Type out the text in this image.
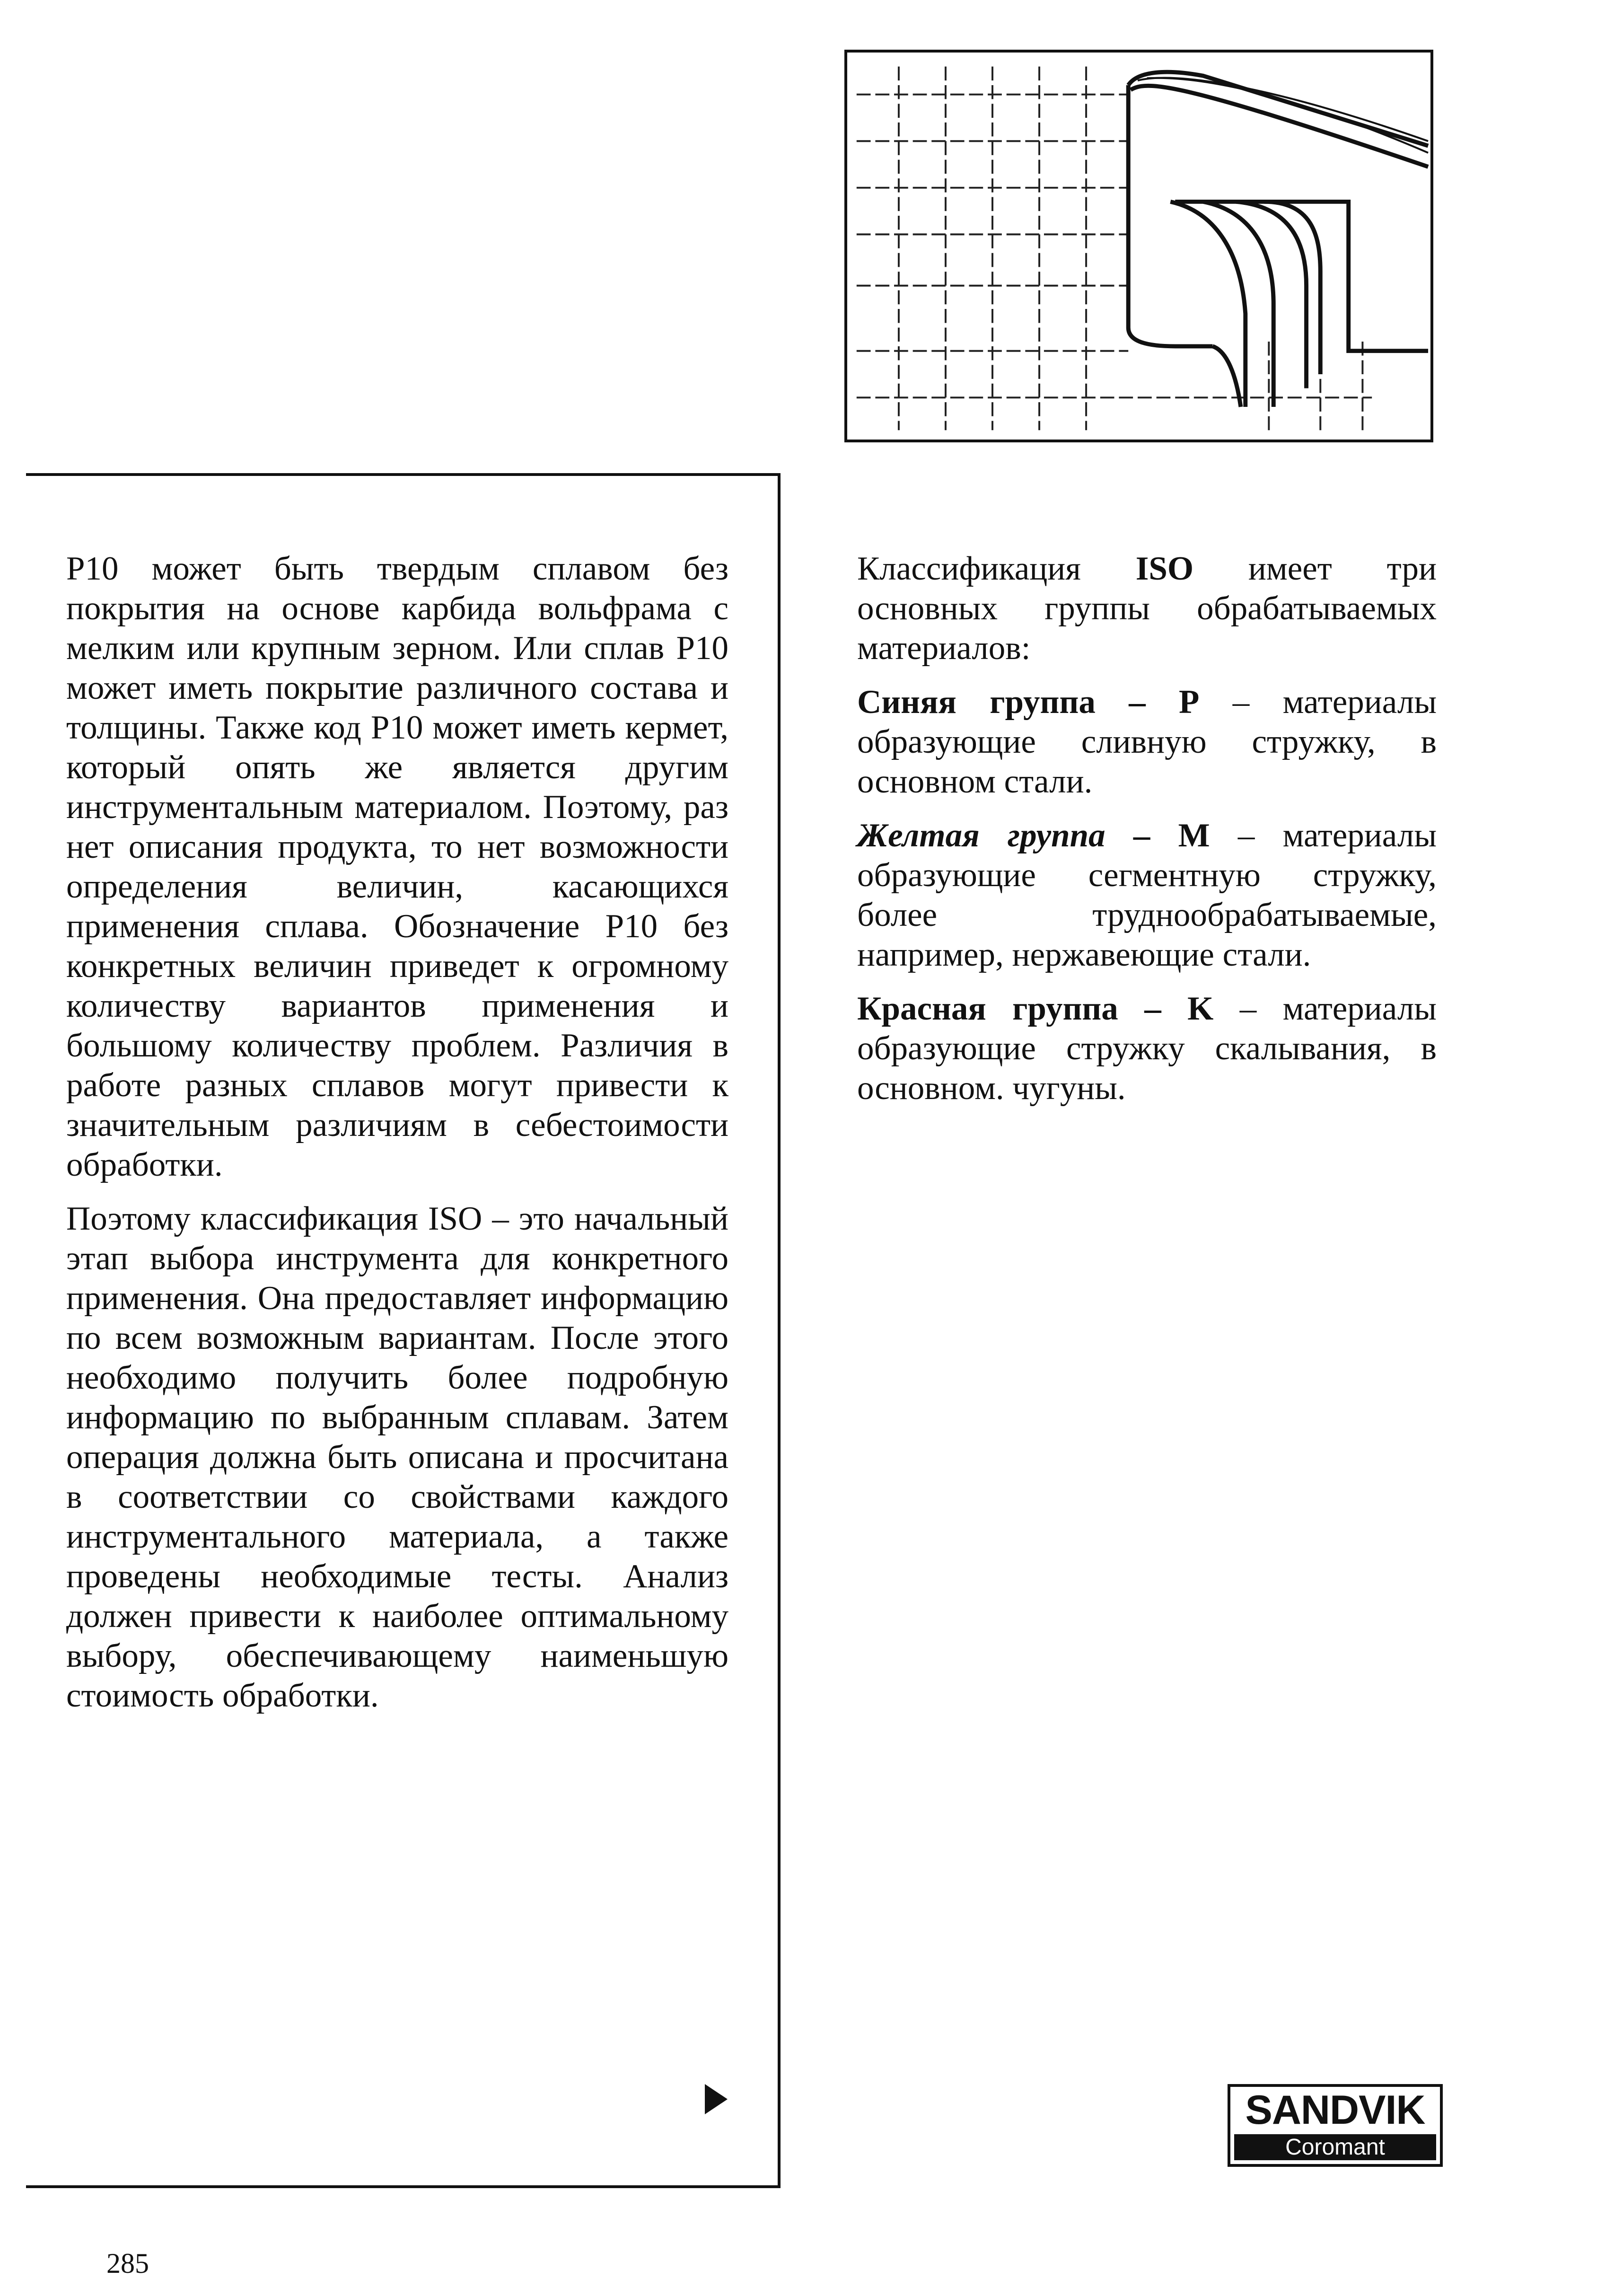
P10 может быть твердым сплавом без покрытия на основе карбида вольфрама с мелким или крупным зерном. Или сплав P10 может иметь покрытие различного состава и толщины. Также код P10 может иметь кермет, который опять же является другим инструментальным материалом. Поэтому, раз нет описания продукта, то нет возможности определения величин, касающихся применения сплава. Обозначение P10 без конкретных величин приведет к огромному количеству вариантов применения и большому количеству проблем. Различия в работе разных сплавов могут привести к значительным различиям в себестоимости обработки.

Поэтому классификация ISO – это начальный этап выбора инструмента для конкретного применения. Она предоставляет информацию по всем возможным вариантам. После этого необходимо получить более подробную информацию по выбранным сплавам. Затем операция должна быть описана и просчитана в соответствии со свойствами каждого инструментального материала, а также проведены необходимые тесты. Анализ должен привести к наиболее оптимальному выбору, обеспечивающему наименьшую стоимость обработки.

Классификация ISO имеет три основных группы обрабатываемых материалов:

Синяя группа – P – материалы образующие сливную стружку, в основном стали.

Желтая группа – M – материалы образующие сегментную стружку, более труднообрабатываемые, например, нержавеющие стали.

Красная группа – K – материалы образующие стружку скалывания, в основном. чугуны.

SANDVIK
Coromant
285
